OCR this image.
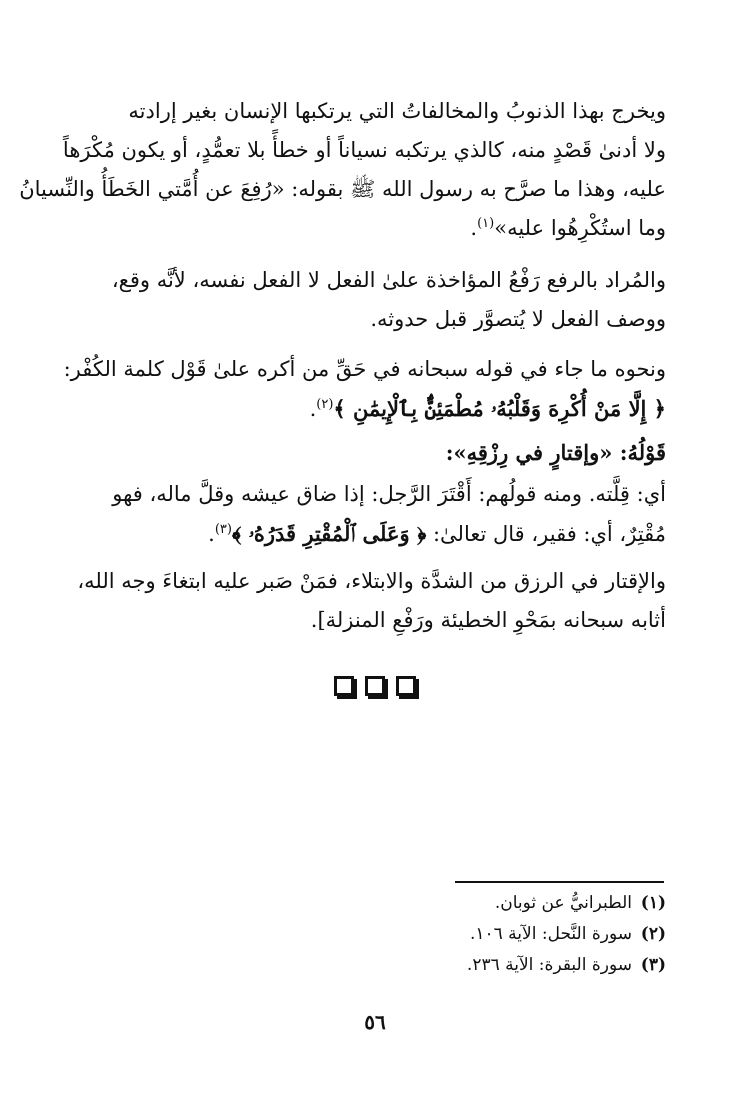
ويخرج بهذا الذنوبُ والمخالفاتُ التي يرتكبها الإنسان بغير إرادته
ولا أدنىٰ قَصْدٍ منه، كالذي يرتكبه نسياناً أو خطأً بلا تعمُّدٍ، أو يكون مُكْرَهاً
عليه، وهذا ما صرَّح به رسول الله ﷺ بقوله: «رُفِعَ عن أُمَّتي الخَطَأُ والنِّسيانُ
وما استُكْرِهُوا عليه»$^{(١)}$.

والمُراد بالرفع رَفْعُ المؤاخذة علىٰ الفعل لا الفعل نفسه، لأنَّه وقع،
ووصف الفعل لا يُتصوَّر قبل حدوثه.

ونحوه ما جاء في قوله سبحانه في حَقِّ من أكره علىٰ قَوْل كلمة الكُفْر:
﴿ إِلَّا مَنْ أُكْرِهَ وَقَلْبُهُۥ مُطْمَئِنٌّۢ بِٱلْإِيمَٰنِ ﴾$^{(٢)}$.

قَوْلُهُ: «وإقتارٍ في رِزْقِهِ»:

أي: قِلَّته. ومنه قولُهم: أَقْتَرَ الرَّجل: إذا ضاق عيشه وقلَّ ماله، فهو
مُقْتِرٌ، أي: فقير، قال تعالىٰ: ﴿ وَعَلَى ٱلْمُقْتِرِ قَدَرُهُۥ ﴾$^{(٣)}$.

والإقتار في الرزق من الشدَّة والابتلاء، فمَنْ صَبر عليه ابتغاءَ وجه الله،
أثابه سبحانه بمَحْوِ الخطيئة ورَفْعِ المنزلة].

(١)الطبرانيُّ عن ثوبان.
(٢)سورة النَّحل: الآية ١٠٦.
(٣)سورة البقرة: الآية ٢٣٦.
٥٦
